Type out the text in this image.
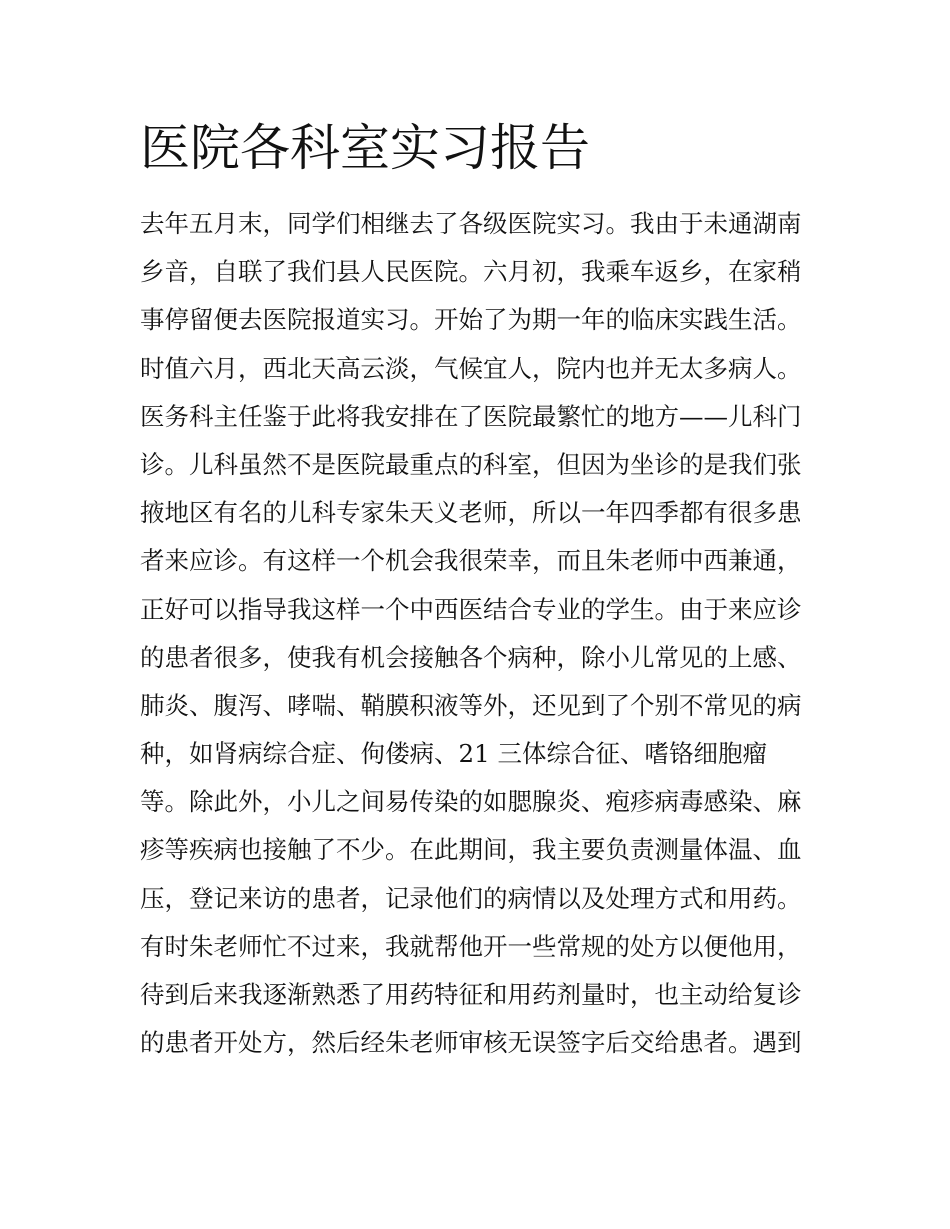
医院各科室实习报告
去年五月末，同学们相继去了各级医院实习。我由于未通湖南
乡音，自联了我们县人民医院。六月初，我乘车返乡，在家稍
事停留便去医院报道实习。开始了为期一年的临床实践生活。
时值六月，西北天高云淡，气候宜人，院内也并无太多病人。
医务科主任鉴于此将我安排在了医院最繁忙的地方——儿科门
诊。儿科虽然不是医院最重点的科室，但因为坐诊的是我们张
掖地区有名的儿科专家朱天义老师，所以一年四季都有很多患
者来应诊。有这样一个机会我很荣幸，而且朱老师中西兼通，
正好可以指导我这样一个中西医结合专业的学生。由于来应诊
的患者很多，使我有机会接触各个病种，除小儿常见的上感、
肺炎、腹泻、哮喘、鞘膜积液等外，还见到了个别不常见的病
种，如肾病综合症、佝偻病、21 三体综合征、嗜铬细胞瘤
等。除此外，小儿之间易传染的如腮腺炎、疱疹病毒感染、麻
疹等疾病也接触了不少。在此期间，我主要负责测量体温、血
压，登记来访的患者，记录他们的病情以及处理方式和用药。
有时朱老师忙不过来，我就帮他开一些常规的处方以便他用，
待到后来我逐渐熟悉了用药特征和用药剂量时，也主动给复诊
的患者开处方，然后经朱老师审核无误签字后交给患者。遇到
